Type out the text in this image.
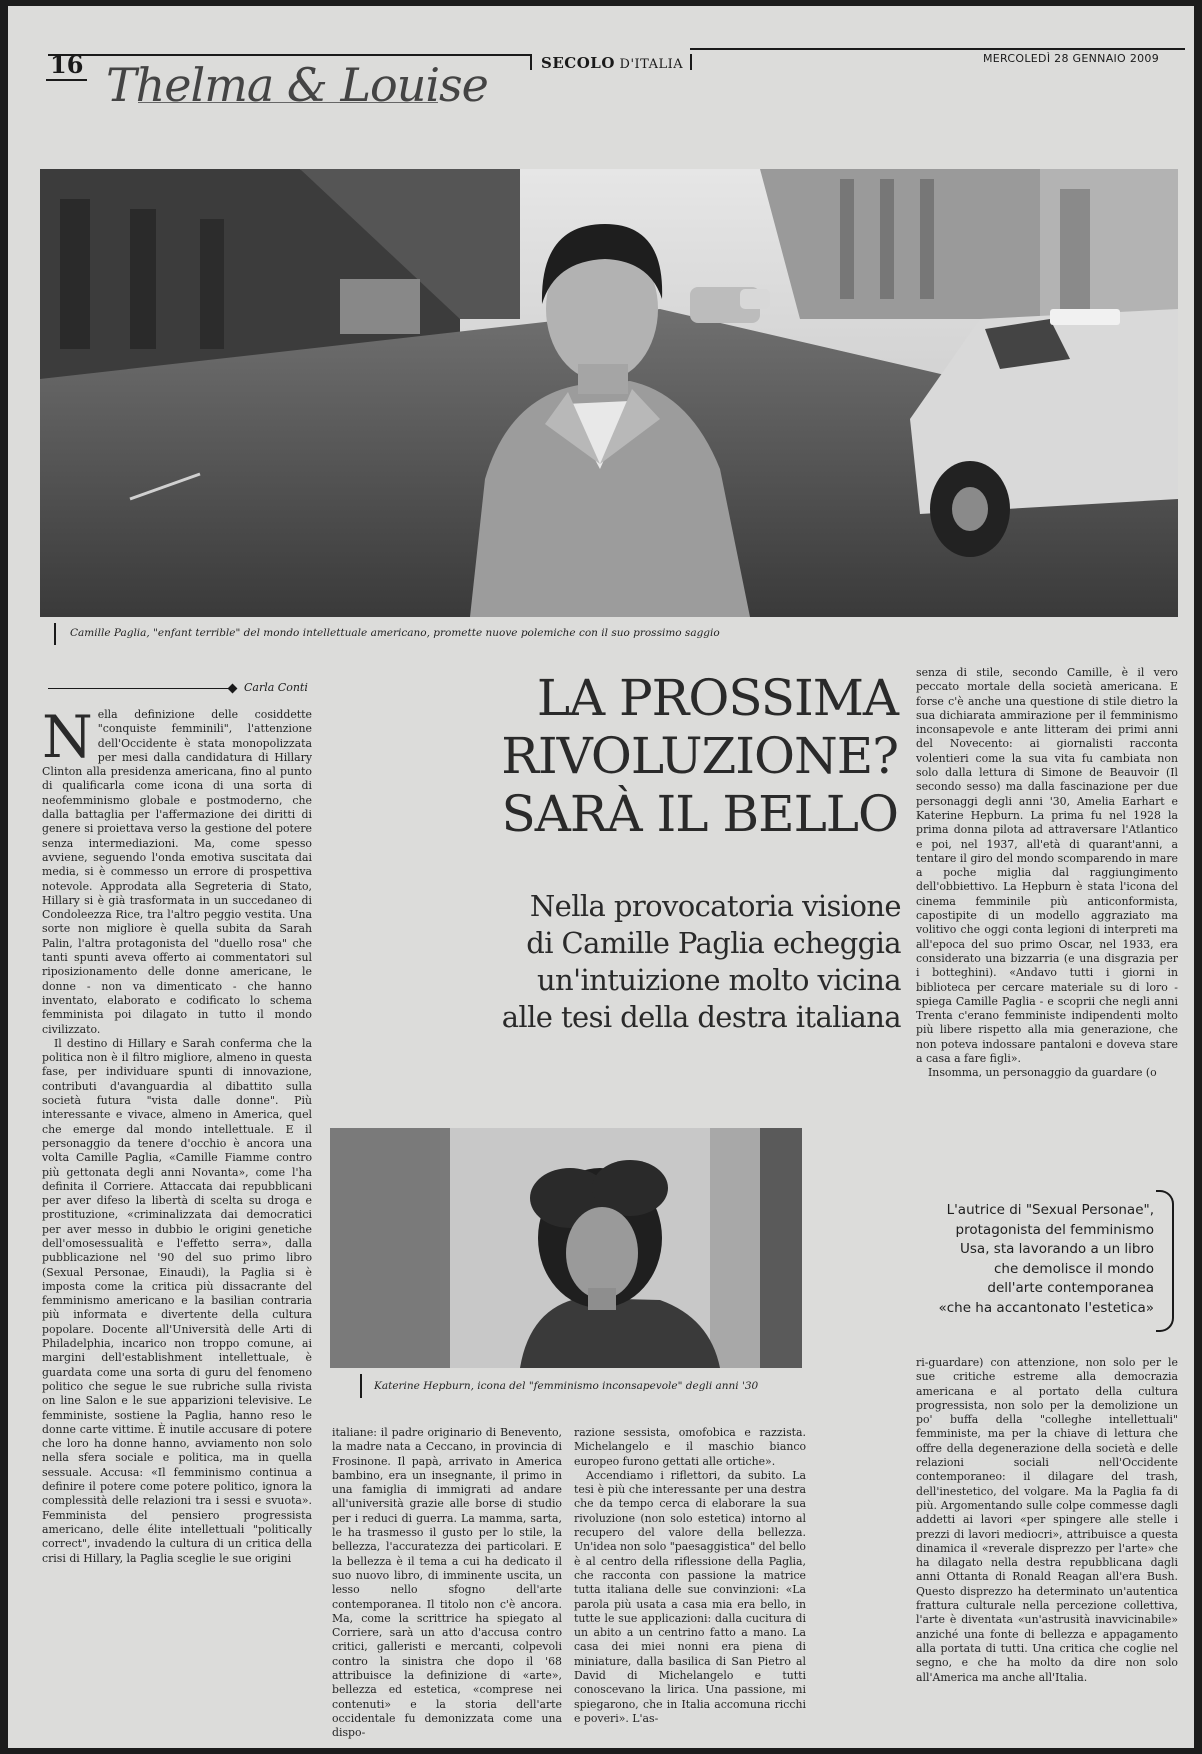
16	SECOLO D'ITALIA	MERCOLEDÌ 28 GENNAIO 2009
Thelma & Louise
Camille Paglia, "enfant terrible" del mondo intellettuale americano, promette nuove polemiche con il suo prossimo saggio
Carla Conti	LA PROSSIMA
RIVOLUZIONE?
SARÀ IL BELLO
Nella provocatoria visione
di Camille Paglia echeggia
un'intuizione molto vicina
alle tesi della destra italiana

Nella definizione delle cosiddette "conquiste femminili", l'attenzione dell'Occidente è stata monopolizzata per mesi dalla candidatura di Hillary Clinton alla presidenza americana, fino al punto di qualificarla come icona di una sorta di neofemminismo globale e postmoderno, che dalla battaglia per l'affermazione dei diritti di genere si proiettava verso la gestione del potere senza intermediazioni. Ma, come spesso avviene, seguendo l'onda emotiva suscitata dai media, si è commesso un errore di prospettiva notevole. Approdata alla Segreteria di Stato, Hillary si è già trasformata in un succedaneo di Condoleezza Rice, tra l'altro peggio vestita. Una sorte non migliore è quella subita da Sarah Palin, l'altra protagonista del "duello rosa" che tanti spunti aveva offerto ai commentatori sul riposizionamento delle donne americane, le donne - non va dimenticato - che hanno inventato, elaborato e codificato lo schema femminista poi dilagato in tutto il mondo civilizzato.

Il destino di Hillary e Sarah conferma che la politica non è il filtro migliore, almeno in questa fase, per individuare spunti di innovazione, contributi d'avanguardia al dibattito sulla società futura "vista dalle donne". Più interessante e vivace, almeno in America, quel che emerge dal mondo intellettuale. E il personaggio da tenere d'occhio è ancora una volta Camille Paglia, «Camille Fiamme contro più gettonata degli anni Novanta», come l'ha definita il Corriere. Attaccata dai repubblicani per aver difeso la libertà di scelta su droga e prostituzione, «criminalizzata dai democratici per aver messo in dubbio le origini genetiche dell'omosessualità e l'effetto serra», dalla pubblicazione nel '90 del suo primo libro (Sexual Personae, Einaudi), la Paglia si è imposta come la critica più dissacrante del femminismo americano e la basilian contraria più informata e divertente della cultura popolare. Docente all'Università delle Arti di Philadelphia, incarico non troppo comune, ai margini dell'establishment intellettuale, è guardata come una sorta di guru del fenomeno politico che segue le sue rubriche sulla rivista on line Salon e le sue apparizioni televisive. Le femministe, sostiene la Paglia, hanno reso le donne carte vittime. È inutile accusare di potere che loro ha donne hanno, avviamento non solo nella sfera sociale e politica, ma in quella sessuale. Accusa: «Il femminismo continua a definire il potere come potere politico, ignora la complessità delle relazioni tra i sessi e svuota». Femminista del pensiero progressista americano, delle élite intellettuali "politically correct", invadendo la cultura di un critica della crisi di Hillary, la Paglia sceglie le sue origini

Katerine Hepburn, icona del "femminismo inconsapevole" degli anni '30

italiane: il padre originario di Benevento, la madre nata a Ceccano, in provincia di Frosinone. Il papà, arrivato in America bambino, era un insegnante, il primo in una famiglia di immigrati ad andare all'università grazie alle borse di studio per i reduci di guerra. La mamma, sarta, le ha trasmesso il gusto per lo stile, la bellezza, l'accuratezza dei particolari. E la bellezza è il tema a cui ha dedicato il suo nuovo libro, di imminente uscita, un lesso nello sfogno dell'arte contemporanea. Il titolo non c'è ancora. Ma, come la scrittrice ha spiegato al Corriere, sarà un atto d'accusa contro critici, galleristi e mercanti, colpevoli contro la sinistra che dopo il '68 attribuisce la definizione di «arte», bellezza ed estetica, «comprese nei contenuti» e la storia dell'arte occidentale fu demonizzata come una dispo-

razione sessista, omofobica e razzista. Michelangelo e il maschio bianco europeo furono gettati alle ortiche».

Accendiamo i riflettori, da subito. La tesi è più che interessante per una destra che da tempo cerca di elaborare la sua rivoluzione (non solo estetica) intorno al recupero del valore della bellezza. Un'idea non solo "paesaggistica" del bello è al centro della riflessione della Paglia, che racconta con passione la matrice tutta italiana delle sue convinzioni: «La parola più usata a casa mia era bello, in tutte le sue applicazioni: dalla cucitura di un abito a un centrino fatto a mano. La casa dei miei nonni era piena di miniature, dalla basilica di San Pietro al David di Michelangelo e tutti conoscevano la lirica. Una passione, mi spiegarono, che in Italia accomuna ricchi e poveri». L'as-

senza di stile, secondo Camille, è il vero peccato mortale della società americana. E forse c'è anche una questione di stile dietro la sua dichiarata ammirazione per il femminismo inconsapevole e ante litteram dei primi anni del Novecento: ai giornalisti racconta volentieri come la sua vita fu cambiata non solo dalla lettura di Simone de Beauvoir (Il secondo sesso) ma dalla fascinazione per due personaggi degli anni '30, Amelia Earhart e Katerine Hepburn. La prima fu nel 1928 la prima donna pilota ad attraversare l'Atlantico e poi, nel 1937, all'età di quarant'anni, a tentare il giro del mondo scomparendo in mare a poche miglia dal raggiungimento dell'obbiettivo. La Hepburn è stata l'icona del cinema femminile più anticonformista, capostipite di un modello aggraziato ma volitivo che oggi conta legioni di interpreti ma all'epoca del suo primo Oscar, nel 1933, era considerato una bizzarria (e una disgrazia per i botteghini). «Andavo tutti i giorni in biblioteca per cercare materiale su di loro - spiega Camille Paglia - e scoprii che negli anni Trenta c'erano femministe indipendenti molto più libere rispetto alla mia generazione, che non poteva indossare pantaloni e doveva stare a casa a fare figli».

Insomma, un personaggio da guardare (o

L'autrice di "Sexual Personae",
protagonista del femminismo
Usa, sta lavorando a un libro
che demolisce il mondo
dell'arte contemporanea
«che ha accantonato l'estetica»

ri-guardare) con attenzione, non solo per le sue critiche estreme alla democrazia americana e al portato della cultura progressista, non solo per la demolizione un po' buffa della "colleghe intellettuali" femministe, ma per la chiave di lettura che offre della degenerazione della società e delle relazioni sociali nell'Occidente contemporaneo: il dilagare del trash, dell'inestetico, del volgare. Ma la Paglia fa di più. Argomentando sulle colpe commesse dagli addetti ai lavori «per spingere alle stelle i prezzi di lavori mediocri», attribuisce a questa dinamica il «reverale disprezzo per l'arte» che ha dilagato nella destra repubblicana dagli anni Ottanta di Ronald Reagan all'era Bush. Questo disprezzo ha determinato un'autentica frattura culturale nella percezione collettiva, l'arte è diventata «un'astrusità inavvicinabile» anziché una fonte di bellezza e appagamento alla portata di tutti. Una critica che coglie nel segno, e che ha molto da dire non solo all'America ma anche all'Italia.
